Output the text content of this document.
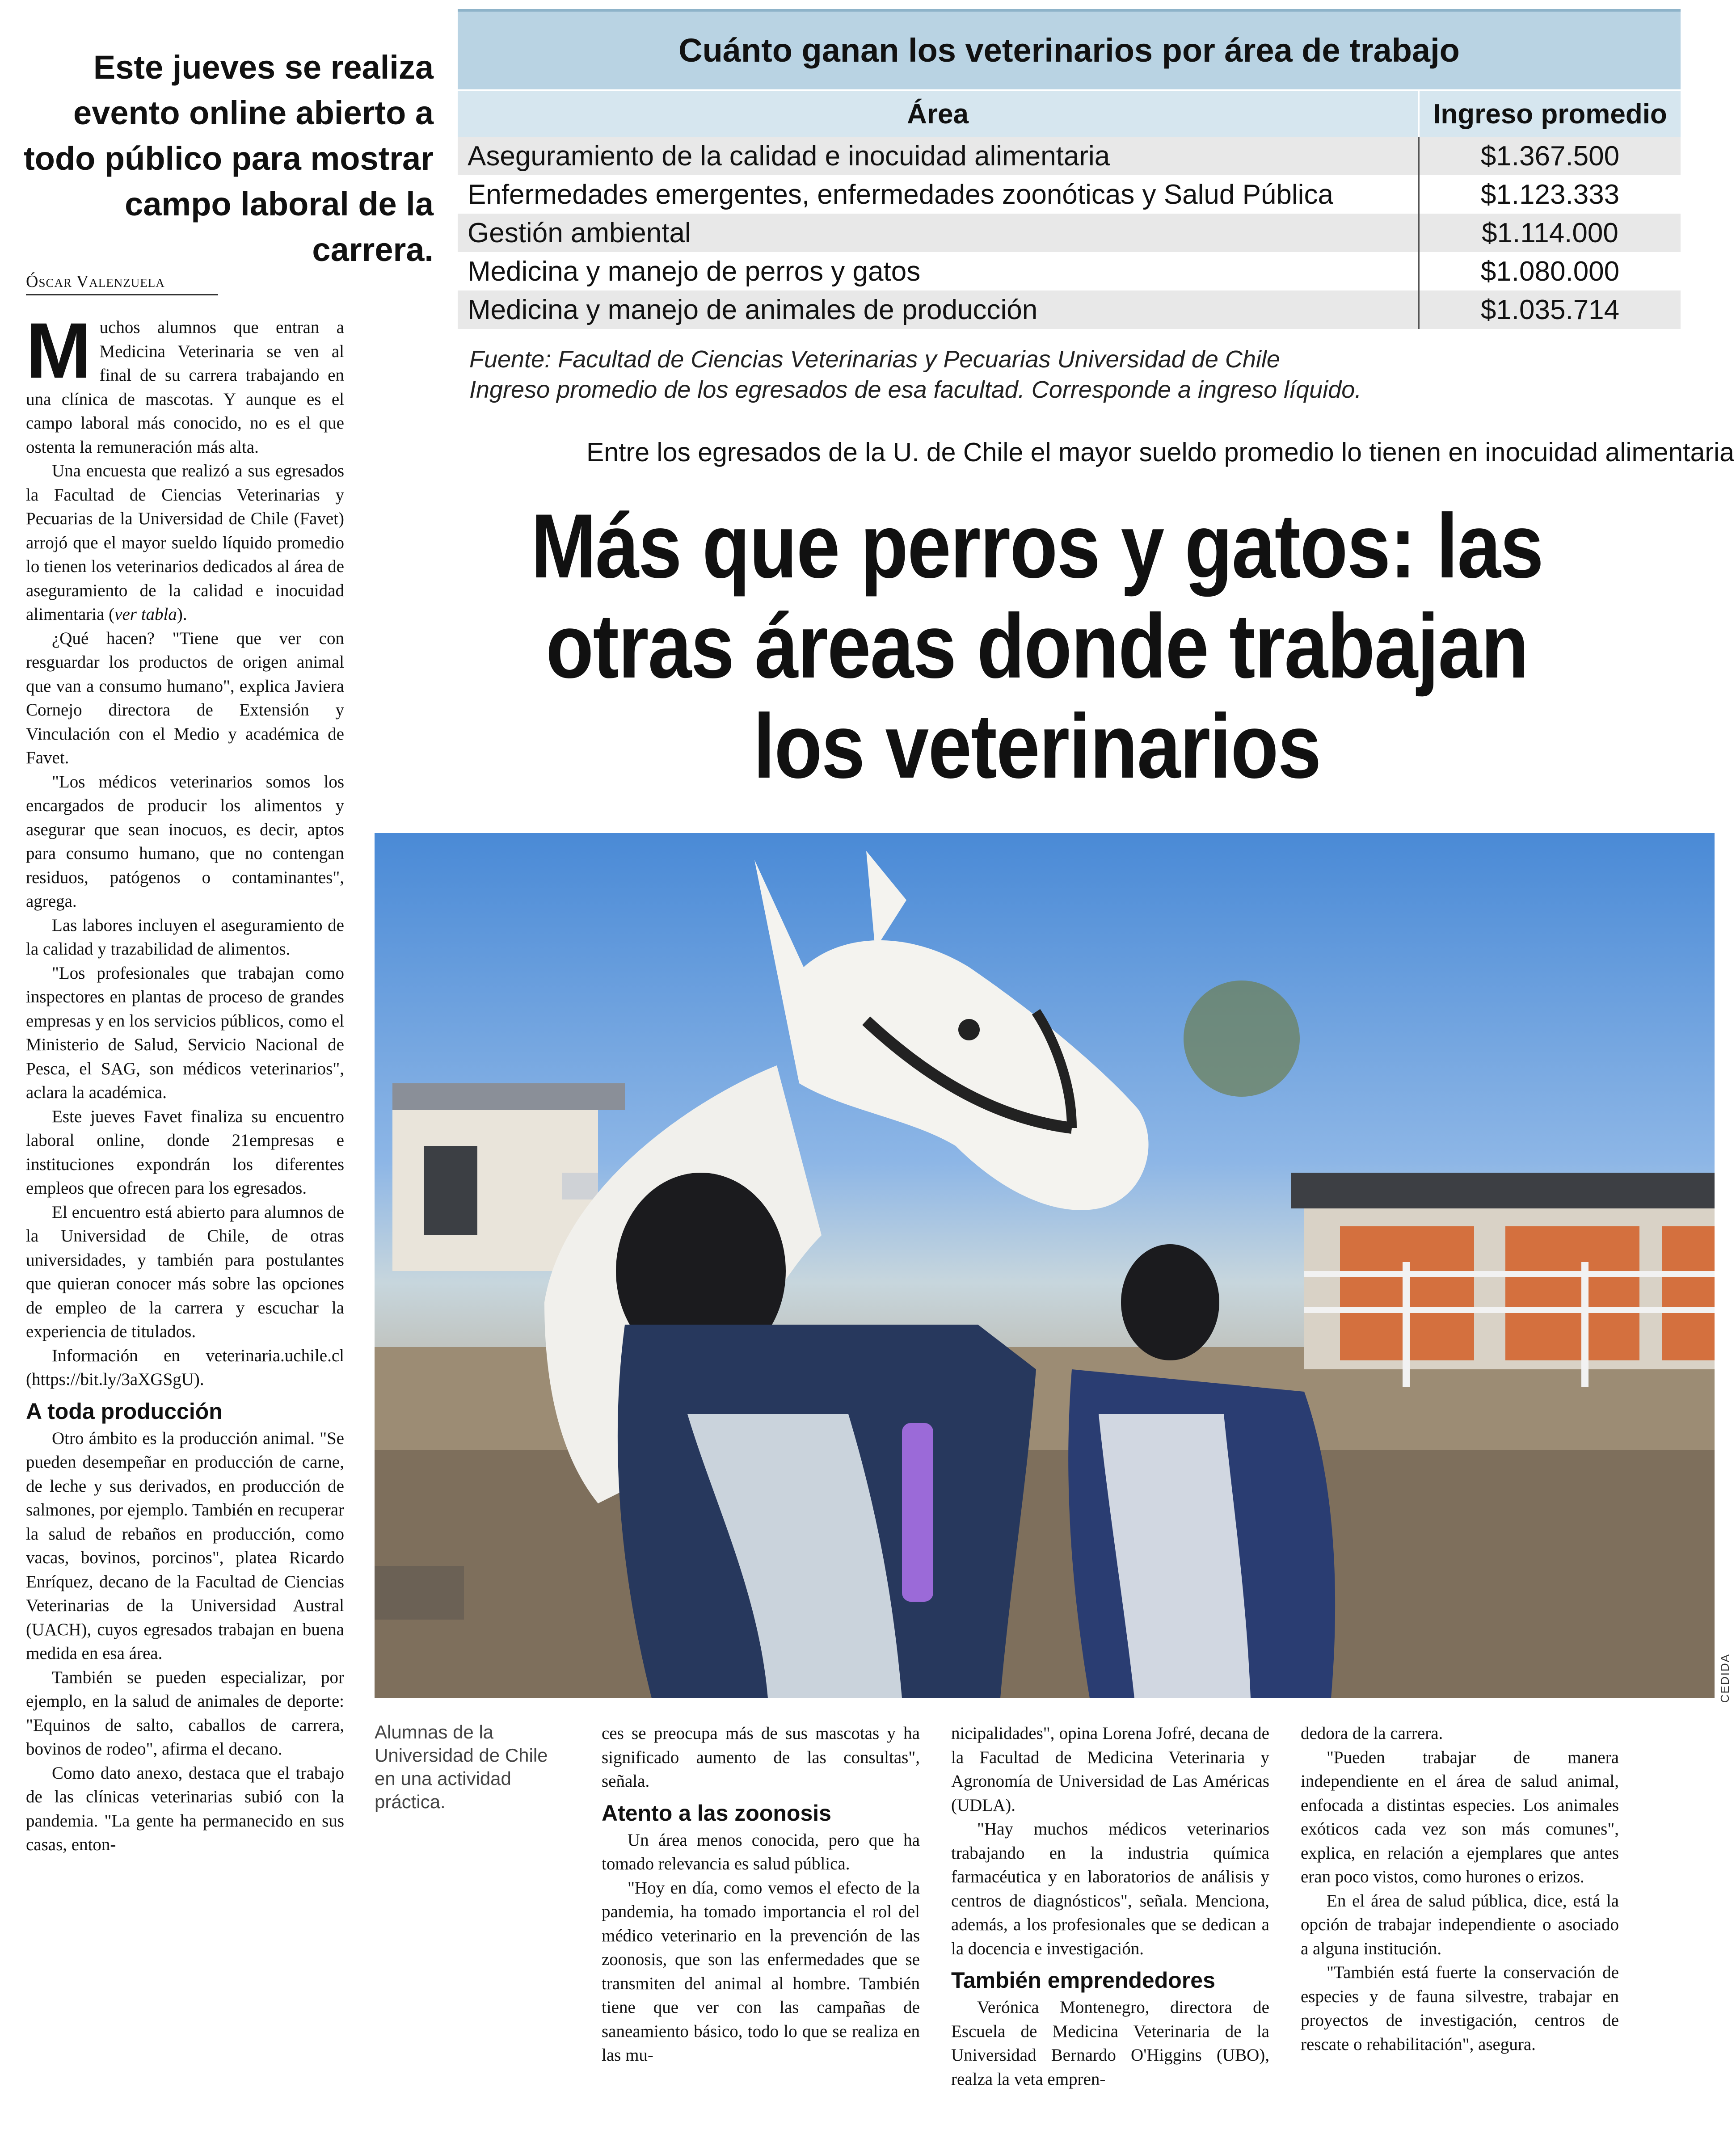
Este jueves se realiza evento online abierto a todo público para mostrar campo laboral de la carrera.
Óscar Valenzuela

Muchos alumnos que entran a Medicina Veterinaria se ven al final de su carrera trabajando en una clínica de mascotas. Y aunque es el campo laboral más conocido, no es el que ostenta la remuneración más alta.

Una encuesta que realizó a sus egresados la Facultad de Ciencias Veterinarias y Pecuarias de la Universidad de Chile (Favet) arrojó que el mayor sueldo líquido promedio lo tienen los veterinarios dedicados al área de aseguramiento de la calidad e inocuidad alimentaria (ver tabla).

¿Qué hacen? "Tiene que ver con resguardar los productos de origen animal que van a consumo humano", explica Javiera Cornejo directora de Extensión y Vinculación con el Medio y académica de Favet.

"Los médicos veterinarios somos los encargados de producir los alimentos y asegurar que sean inocuos, es decir, aptos para consumo humano, que no contengan residuos, patógenos o contaminantes", agrega.

Las labores incluyen el aseguramiento de la calidad y trazabilidad de alimentos.

"Los profesionales que trabajan como inspectores en plantas de proceso de grandes empresas y en los servicios públicos, como el Ministerio de Salud, Servicio Nacional de Pesca, el SAG, son médicos veterinarios", aclara la académica.

Este jueves Favet finaliza su encuentro laboral online, donde 21empresas e instituciones expondrán los diferentes empleos que ofrecen para los egresados.

El encuentro está abierto para alumnos de la Universidad de Chile, de otras universidades, y también para postulantes que quieran conocer más sobre las opciones de empleo de la carrera y escuchar la experiencia de titulados.

Información en veterinaria.uchile.cl (https://bit.ly/3aXGSgU).

A toda producción

Otro ámbito es la producción animal. "Se pueden desempeñar en producción de carne, de leche y sus derivados, en producción de salmones, por ejemplo. También en recuperar la salud de rebaños en producción, como vacas, bovinos, porcinos", platea Ricardo Enríquez, decano de la Facultad de Ciencias Veterinarias de la Universidad Austral (UACH), cuyos egresados trabajan en buena medida en esa área.

También se pueden especializar, por ejemplo, en la salud de animales de deporte: "Equinos de salto, caballos de carrera, bovinos de rodeo", afirma el decano.

Como dato anexo, destaca que el trabajo de las clínicas veterinarias subió con la pandemia. "La gente ha permanecido en sus casas, enton-

Cuánto ganan los veterinarios por área de trabajo
Área	Ingreso promedio
Aseguramiento de la calidad e inocuidad alimentaria	$1.367.500
Enfermedades emergentes, enfermedades zoonóticas y Salud Pública	$1.123.333
Gestión ambiental	$1.114.000
Medicina y manejo de perros y gatos	$1.080.000
Medicina y manejo de animales de producción	$1.035.714
Fuente: Facultad de Ciencias Veterinarias y Pecuarias Universidad de Chile
Ingreso promedio de los egresados de esa facultad. Corresponde a ingreso líquido.
Entre los egresados de la U. de Chile el mayor sueldo promedio lo tienen en inocuidad alimentaria
Más que perros y gatos: las
otras áreas donde trabajan
los veterinarios
CEDIDA
Alumnas de la Universidad de Chile en una actividad práctica.

ces se preocupa más de sus mascotas y ha significado aumento de las consultas", señala.

Atento a las zoonosis

Un área menos conocida, pero que ha tomado relevancia es salud pública.

"Hoy en día, como vemos el efecto de la pandemia, ha tomado importancia el rol del médico veterinario en la prevención de las zoonosis, que son las enfermedades que se transmiten del animal al hombre. También tiene que ver con las campañas de saneamiento básico, todo lo que se realiza en las mu-

nicipalidades", opina Lorena Jofré, decana de la Facultad de Medicina Veterinaria y Agronomía de Universidad de Las Américas (UDLA).

"Hay muchos médicos veterinarios trabajando en la industria química farmacéutica y en laboratorios de análisis y centros de diagnósticos", señala. Menciona, además, a los profesionales que se dedican a la docencia e investigación.

También emprendedores

Verónica Montenegro, directora de Escuela de Medicina Veterinaria de la Universidad Bernardo O'Higgins (UBO), realza la veta empren-

dedora de la carrera.

"Pueden trabajar de manera independiente en el área de salud animal, enfocada a distintas especies. Los animales exóticos cada vez son más comunes", explica, en relación a ejemplares que antes eran poco vistos, como hurones o erizos.

En el área de salud pública, dice, está la opción de trabajar independiente o asociado a alguna institución.

"También está fuerte la conservación de especies y de fauna silvestre, trabajar en proyectos de investigación, centros de rescate o rehabilitación", asegura.
